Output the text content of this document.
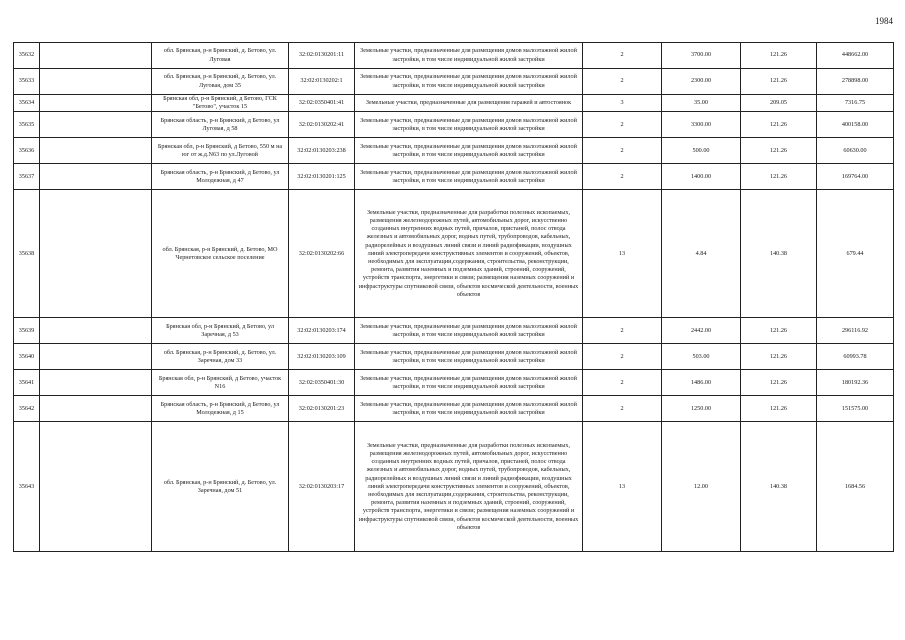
1984
35632		обл. Брянская, р-н Брянский, д. Бетово, ул. Луговая	32:02:0130201:11	Земельные участки, предназначенные для размещения домов малоэтажной жилой застройки, в том числе индивидуальной жилой застройки	2	3700.00	121.26	448662.00
35633		обл. Брянская, р-н Брянский, д. Бетово, ул. Луговая, дом 35	32:02:0130202:1	Земельные участки, предназначенные для размещения домов малоэтажной жилой застройки, в том числе индивидуальной жилой застройки	2	2300.00	121.26	278898.00
35634		Брянская обл, р-н Брянский, д Бетово, ГСК "Бетово", участок 15	32:02:0350401:41	Земельные участки, предназначенные для размещения гаражей и автостоянок	3	35.00	209.05	7316.75
35635		Брянская область, р-н Брянский, д Бетово, ул Луговая, д 58	32:02:0130202:41	Земельные участки, предназначенные для размещения домов малоэтажной жилой застройки, в том числе индивидуальной жилой застройки	2	3300.00	121.26	400158.00
35636		Брянская обл, р-н Брянский, д Бетово, 550 м на юг от ж.д.N63 по ул.Луговой	32:02:0130203:238	Земельные участки, предназначенные для размещения домов малоэтажной жилой застройки, в том числе индивидуальной жилой застройки	2	500.00	121.26	60630.00
35637		Брянская область, р-н Брянский, д Бетово, ул Молодежная, д 47	32:02:0130201:125	Земельные участки, предназначенные для размещения домов малоэтажной жилой застройки, в том числе индивидуальной жилой застройки	2	1400.00	121.26	169764.00
35638		обл. Брянская, р-н Брянский, д. Бетово, МО Чернетовское сельское поселение	32:02:0130202:66	Земельные участки, предназначенные для разработки полезных ископаемых, размещения железнодорожных путей, автомобильных дорог, искусственно созданных внутренних водных путей, причалов, пристаней, полос отвода железных и автомобильных дорог, водных путей, трубопроводов, кабельных, радиорелейных и воздушных линий связи и линий радиофикации, воздушных линий электропередачи конструктивных элементов и сооружений, объектов, необходимых для эксплуатации,содержания, строительства, реконструкции, ремонта, развития наземных и подземных зданий, строений, сооружений, устройств транспорта, энергетики и связи; размещения наземных сооружений и инфраструктуры спутниковой связи, объектов космической деятельности, военных объектов	13	4.84	140.38	679.44
35639		Брянская обл, р-н Брянский, д Бетово, ул Заречная, д 53	32:02:0130203:174	Земельные участки, предназначенные для размещения домов малоэтажной жилой застройки, в том числе индивидуальной жилой застройки	2	2442.00	121.26	296116.92
35640		обл. Брянская, р-н Брянский, д. Бетово, ул. Заречная, дом 33	32:02:0130203:109	Земельные участки, предназначенные для размещения домов малоэтажной жилой застройки, в том числе индивидуальной жилой застройки	2	503.00	121.26	60993.78
35641		Брянская обл, р-н Брянский, д Бетово, участок N16	32:02:0350401:30	Земельные участки, предназначенные для размещения домов малоэтажной жилой застройки, в том числе индивидуальной жилой застройки	2	1486.00	121.26	180192.36
35642		Брянская область, р-н Брянский, д Бетово, ул Молодежная, д 15	32:02:0130201:23	Земельные участки, предназначенные для размещения домов малоэтажной жилой застройки, в том числе индивидуальной жилой застройки	2	1250.00	121.26	151575.00
35643		обл. Брянская, р-н Брянский, д. Бетово, ул. Заречная, дом 51	32:02:0130203:17	Земельные участки, предназначенные для разработки полезных ископаемых, размещения железнодорожных путей, автомобильных дорог, искусственно созданных внутренних водных путей, причалов, пристаней, полос отвода железных и автомобильных дорог, водных путей, трубопроводов, кабельных, радиорелейных и воздушных линий связи и линий радиофикации, воздушных линий электропередачи конструктивных элементов и сооружений, объектов, необходимых для эксплуатации,содержания, строительства, реконструкции, ремонта, развития наземных и подземных зданий, строений, сооружений, устройств транспорта, энергетики и связи; размещения наземных сооружений и инфраструктуры спутниковой связи, объектов космической деятельности, военных объектов	13	12.00	140.38	1684.56
